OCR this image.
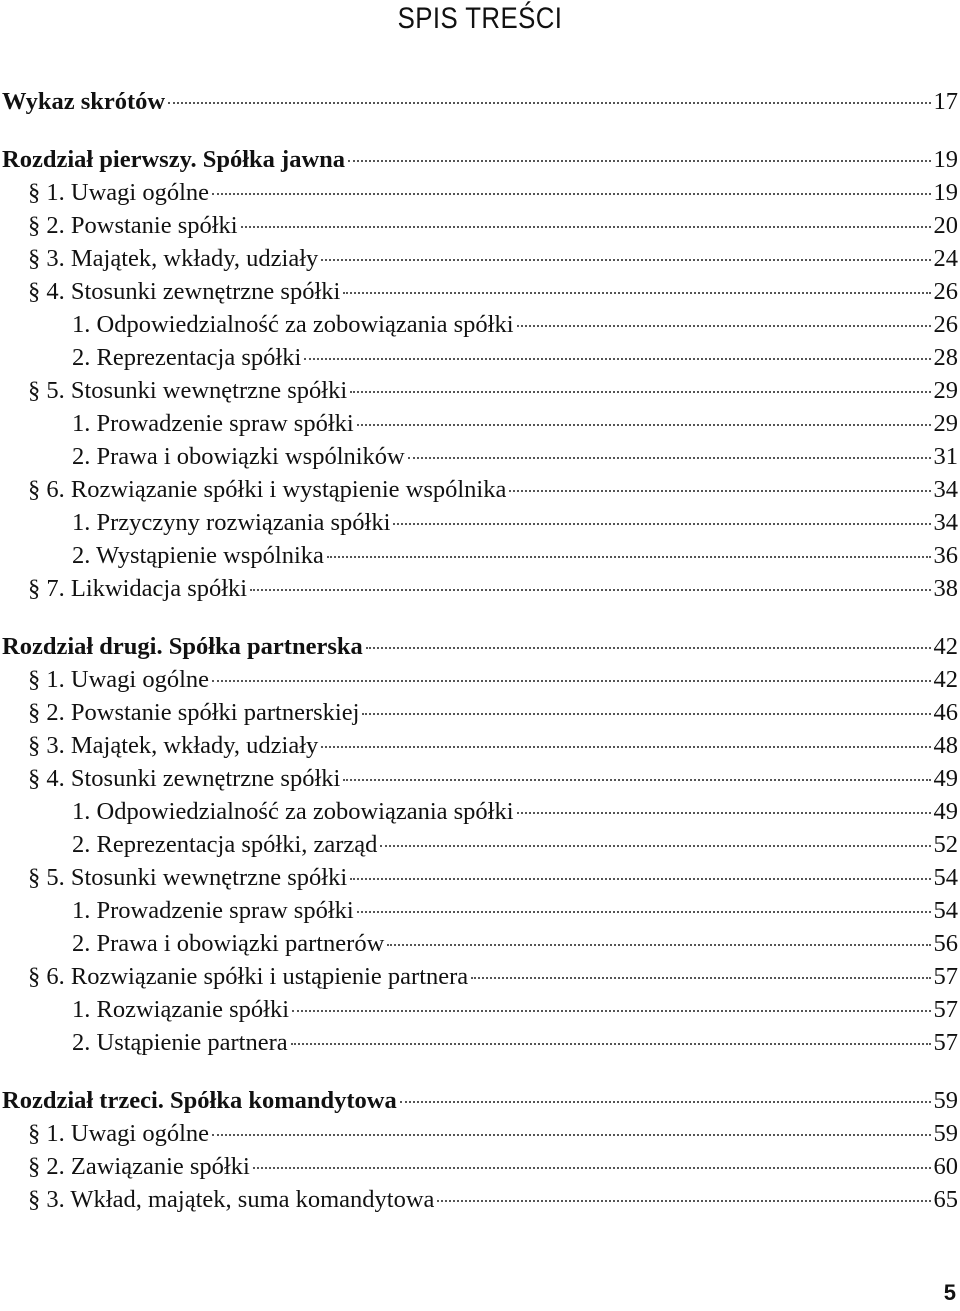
SPIS TREŚCI
Wykaz skrótów	17
Rozdział pierwszy. Spółka jawna	19
§ 1. Uwagi ogólne	19
§ 2. Powstanie spółki	20
§ 3. Majątek, wkłady, udziały	24
§ 4. Stosunki zewnętrzne spółki	26
1. Odpowiedzialność za zobowiązania spółki	26
2. Reprezentacja spółki	28
§ 5. Stosunki wewnętrzne spółki	29
1. Prowadzenie spraw spółki	29
2. Prawa i obowiązki wspólników	31
§ 6. Rozwiązanie spółki i wystąpienie wspólnika	34
1. Przyczyny rozwiązania spółki	34
2. Wystąpienie wspólnika	36
§ 7. Likwidacja spółki	38
Rozdział drugi. Spółka partnerska	42
§ 1. Uwagi ogólne	42
§ 2. Powstanie spółki partnerskiej	46
§ 3. Majątek, wkłady, udziały	48
§ 4. Stosunki zewnętrzne spółki	49
1. Odpowiedzialność za zobowiązania spółki	49
2. Reprezentacja spółki, zarząd	52
§ 5. Stosunki wewnętrzne spółki	54
1. Prowadzenie spraw spółki	54
2. Prawa i obowiązki partnerów	56
§ 6. Rozwiązanie spółki i ustąpienie partnera	57
1. Rozwiązanie spółki	57
2. Ustąpienie partnera	57
Rozdział trzeci. Spółka komandytowa	59
§ 1. Uwagi ogólne	59
§ 2. Zawiązanie spółki	60
§ 3. Wkład, majątek, suma komandytowa	65
5
